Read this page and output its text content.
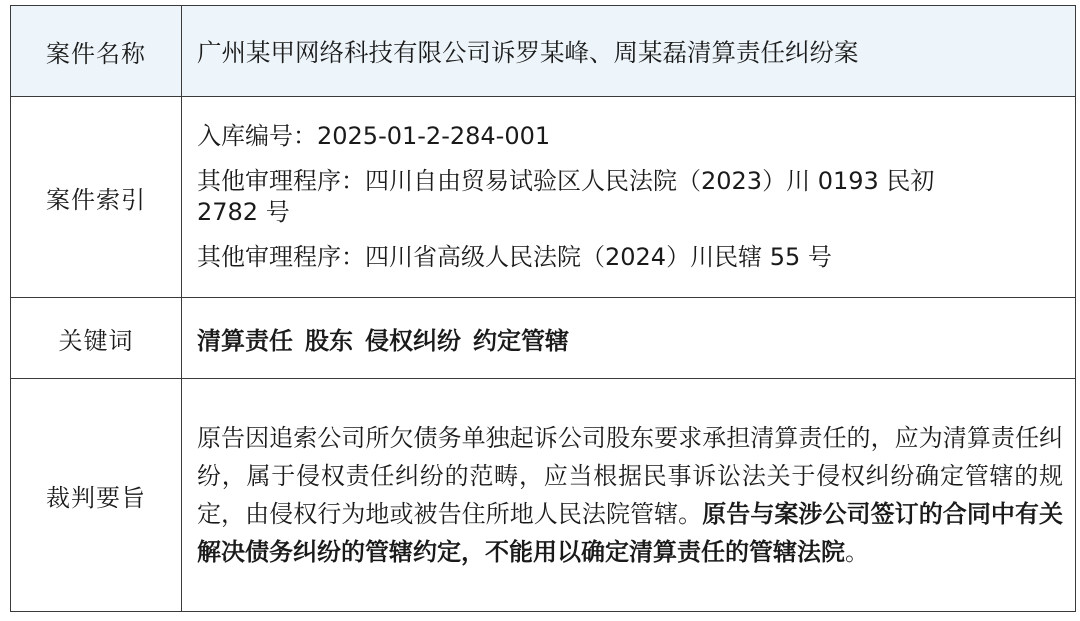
案件名称	广州某甲网络科技有限公司诉罗某峰、周某磊清算责任纠纷案
案件索引	入库编号：2025-01-2-284-001
其他审理程序：四川自由贸易试验区人民法院（2023）川 0193 民初
2782 号
其他审理程序：四川省高级人民法院（2024）川民辖 55 号

关键词	清算责任 股东 侵权纠纷 约定管辖
裁判要旨	原告因追索公司所欠债务单独起诉公司股东要求承担清算责任的，应为清算责任纠纷，属于侵权责任纠纷的范畴，应当根据民事诉讼法关于侵权纠纷确定管辖的规定，由侵权行为地或被告住所地人民法院管辖。原告与案涉公司签订的合同中有关解决债务纠纷的管辖约定，不能用以确定清算责任的管辖法院。
